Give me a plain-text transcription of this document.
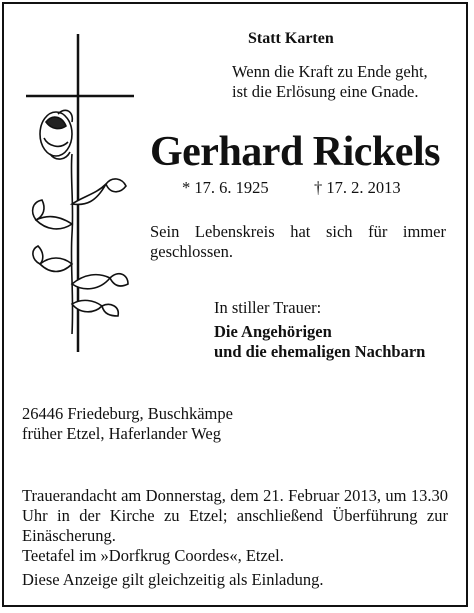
Statt Karten
Wenn die Kraft zu Ende geht,
ist die Erlösung eine Gnade.
Gerhard Rickels
* 17. 6. 1925	† 17. 2. 2013
Sein Lebenskreis hat sich für immer geschlossen.
In stiller Trauer:
Die Angehörigen
und die ehemaligen Nachbarn
26446 Friedeburg, Buschkämpe
früher Etzel, Haferlander Weg
Trauerandacht am Donnerstag, dem 21. Februar 2013, um 13.30 Uhr in der Kirche zu Etzel; anschließend Überführung zur Einäscherung.
Teetafel im »Dorfkrug Coordes«, Etzel.
Diese Anzeige gilt gleichzeitig als Einladung.
